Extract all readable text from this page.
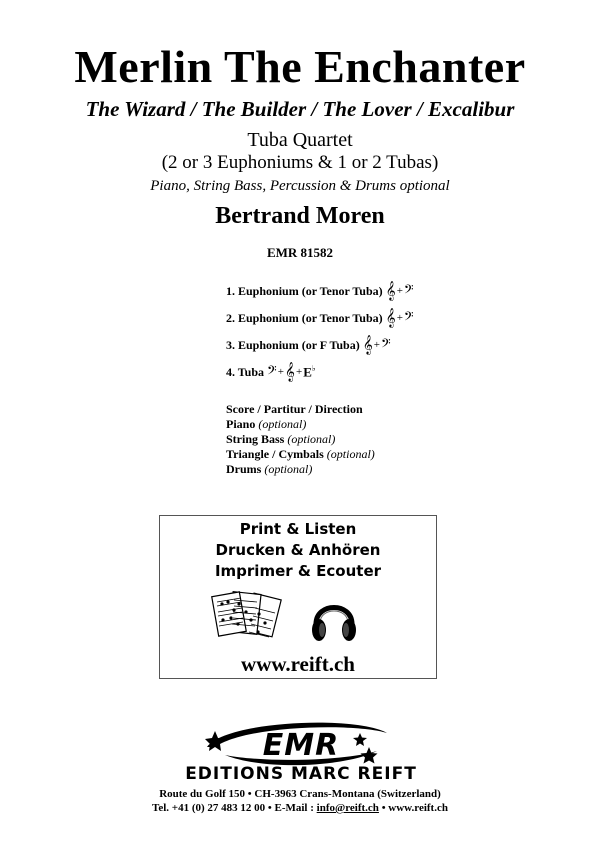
Merlin The Enchanter
The Wizard / The Builder / The Lover / Excalibur
Tuba Quartet
(2 or 3 Euphoniums & 1 or 2 Tubas)
Piano, String Bass, Percussion & Drums optional
Bertrand Moren
EMR 81582
1. Euphonium (or Tenor Tuba) 𝄞 + 𝄢
2. Euphonium (or Tenor Tuba) 𝄞 + 𝄢
3. Euphonium (or F Tuba) 𝄞 + 𝄢
4. Tuba 𝄢 + 𝄞 + E♭
Score / Partitur / Direction
Piano (optional)
String Bass (optional)
Triangle / Cymbals (optional)
Drums (optional)
Print & Listen
Drucken & Anhören
Imprimer & Ecouter
www.reift.ch
EMR
EDITIONS MARC REIFT
Route du Golf 150 • CH-3963 Crans-Montana (Switzerland)
Tel. +41 (0) 27 483 12 00 • E-Mail : info@reift.ch • www.reift.ch
